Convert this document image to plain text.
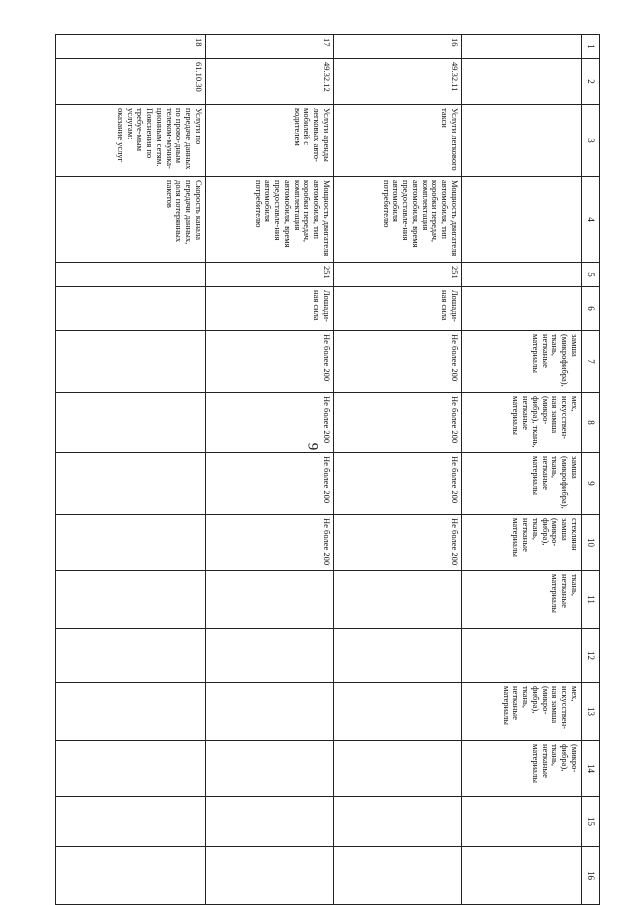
9
1	2	3	4	5	6	7	8	9	10	11	12	13	14	15	16
						замша (микрофибра), ткань, нетканые материалы	мех, искусствен-ная замша (микро-фибра), ткань, нетканые материалы	замша (микрофибра), ткань, нетканые материалы	стеклянн замша (микро-фибра), ткань, нетканые материалы	ткань, нетканые материалы		мех, искусствен-ная замша (микро-фибра), ткань, нетканые материалы	(микро-фибра), ткань, нетканые материалы		
16	49.32.11	Услуги легкового такси	Мощность двигателя автомобиля, тип коробки передач, комплектация автомобиля, время предоставле-ния автомобиля потребителю	251	Лошади-ная сила	Не более 200	Не более 200	Не более 200	Не более 200						
17	49.32.12	Услуги аренды легковых авто-мобилей с водителем	Мощность двигателя автомобиля, тип коробки передач, комплектация автомобиля, время предоставле-ния автомобиля потребителю	251	Лошади-ная сила	Не более 200	Не более 200	Не более 200	Не более 200						
18	61.10.30	Услуги по передаче данных по прово-дным телеком-муника-ционным сетям. Пояснения по требуе-мым услугам: оказание услуг	Скорость канала передачи данных, доля потерянных пакетов												
